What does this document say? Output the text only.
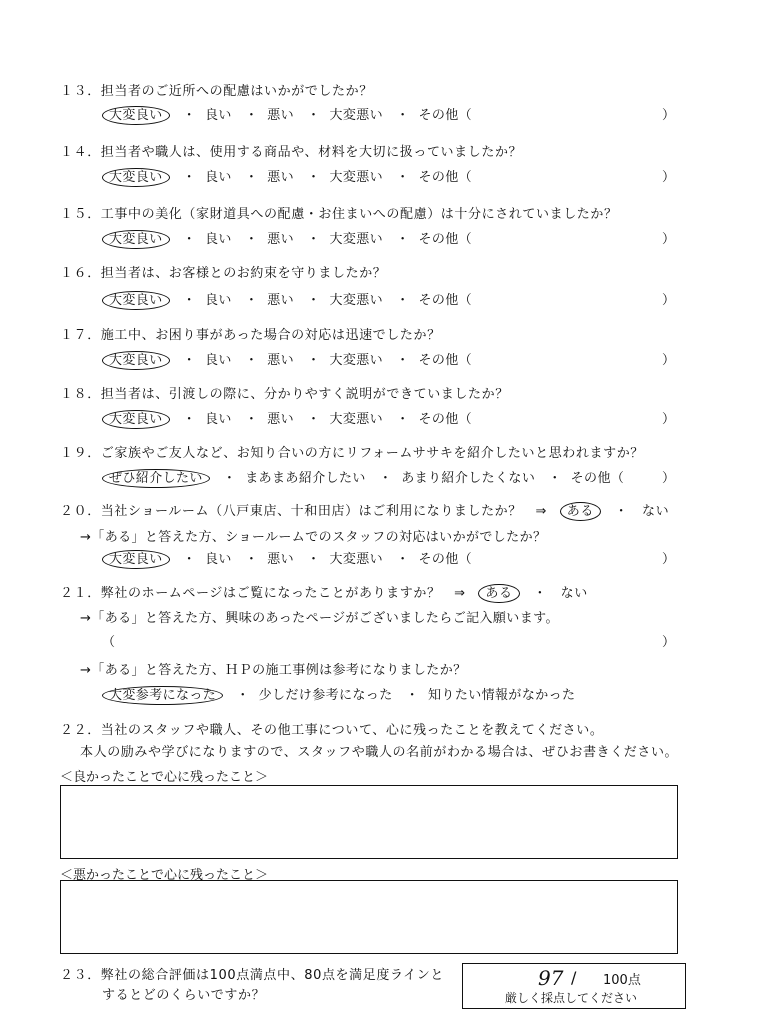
１３．担当者のご近所への配慮はいかがでしたか？
大変良い ・ 良い ・ 悪い ・ 大変悪い ・ その他（	）
１４．担当者や職人は、使用する商品や、材料を大切に扱っていましたか？
大変良い ・ 良い ・ 悪い ・ 大変悪い ・ その他（	）
１５．工事中の美化（家財道具への配慮・お住まいへの配慮）は十分にされていましたか？
大変良い ・ 良い ・ 悪い ・ 大変悪い ・ その他（	）
１６．担当者は、お客様とのお約束を守りましたか？
大変良い ・ 良い ・ 悪い ・ 大変悪い ・ その他（	）
１７．施工中、お困り事があった場合の対応は迅速でしたか？
大変良い ・ 良い ・ 悪い ・ 大変悪い ・ その他（	）
１８．担当者は、引渡しの際に、分かりやすく説明ができていましたか？
大変良い ・ 良い ・ 悪い ・ 大変悪い ・ その他（	）
１９．ご家族やご友人など、お知り合いの方にリフォームササキを紹介したいと思われますか？
ぜひ紹介したい ・ まあまあ紹介したい ・ あまり紹介したくない ・ その他（	）
２０．当社ショールーム（八戸東店、十和田店）はご利用になりましたか？　⇒ ある ・ ない
→「ある」と答えた方、ショールームでのスタッフの対応はいかがでしたか？
大変良い ・ 良い ・ 悪い ・ 大変悪い ・ その他（	）
２１．弊社のホームページはご覧になったことがありますか？　⇒ ある ・ ない
→「ある」と答えた方、興味のあったページがございましたらご記入願います。
（	）
→「ある」と答えた方、ＨＰの施工事例は参考になりましたか？
大変参考になった ・ 少しだけ参考になった ・ 知りたい情報がなかった
２２．当社のスタッフや職人、その他工事について、心に残ったことを教えてください。
本人の励みや学びになりますので、スタッフや職人の名前がわかる場合は、ぜひお書きください。
＜良かったことで心に残ったこと＞
＜悪かったことで心に残ったこと＞
２３．弊社の総合評価は100点満点中、80点を満足度ラインと
するとどのくらいですか？
97 / 100点
厳しく採点してください
